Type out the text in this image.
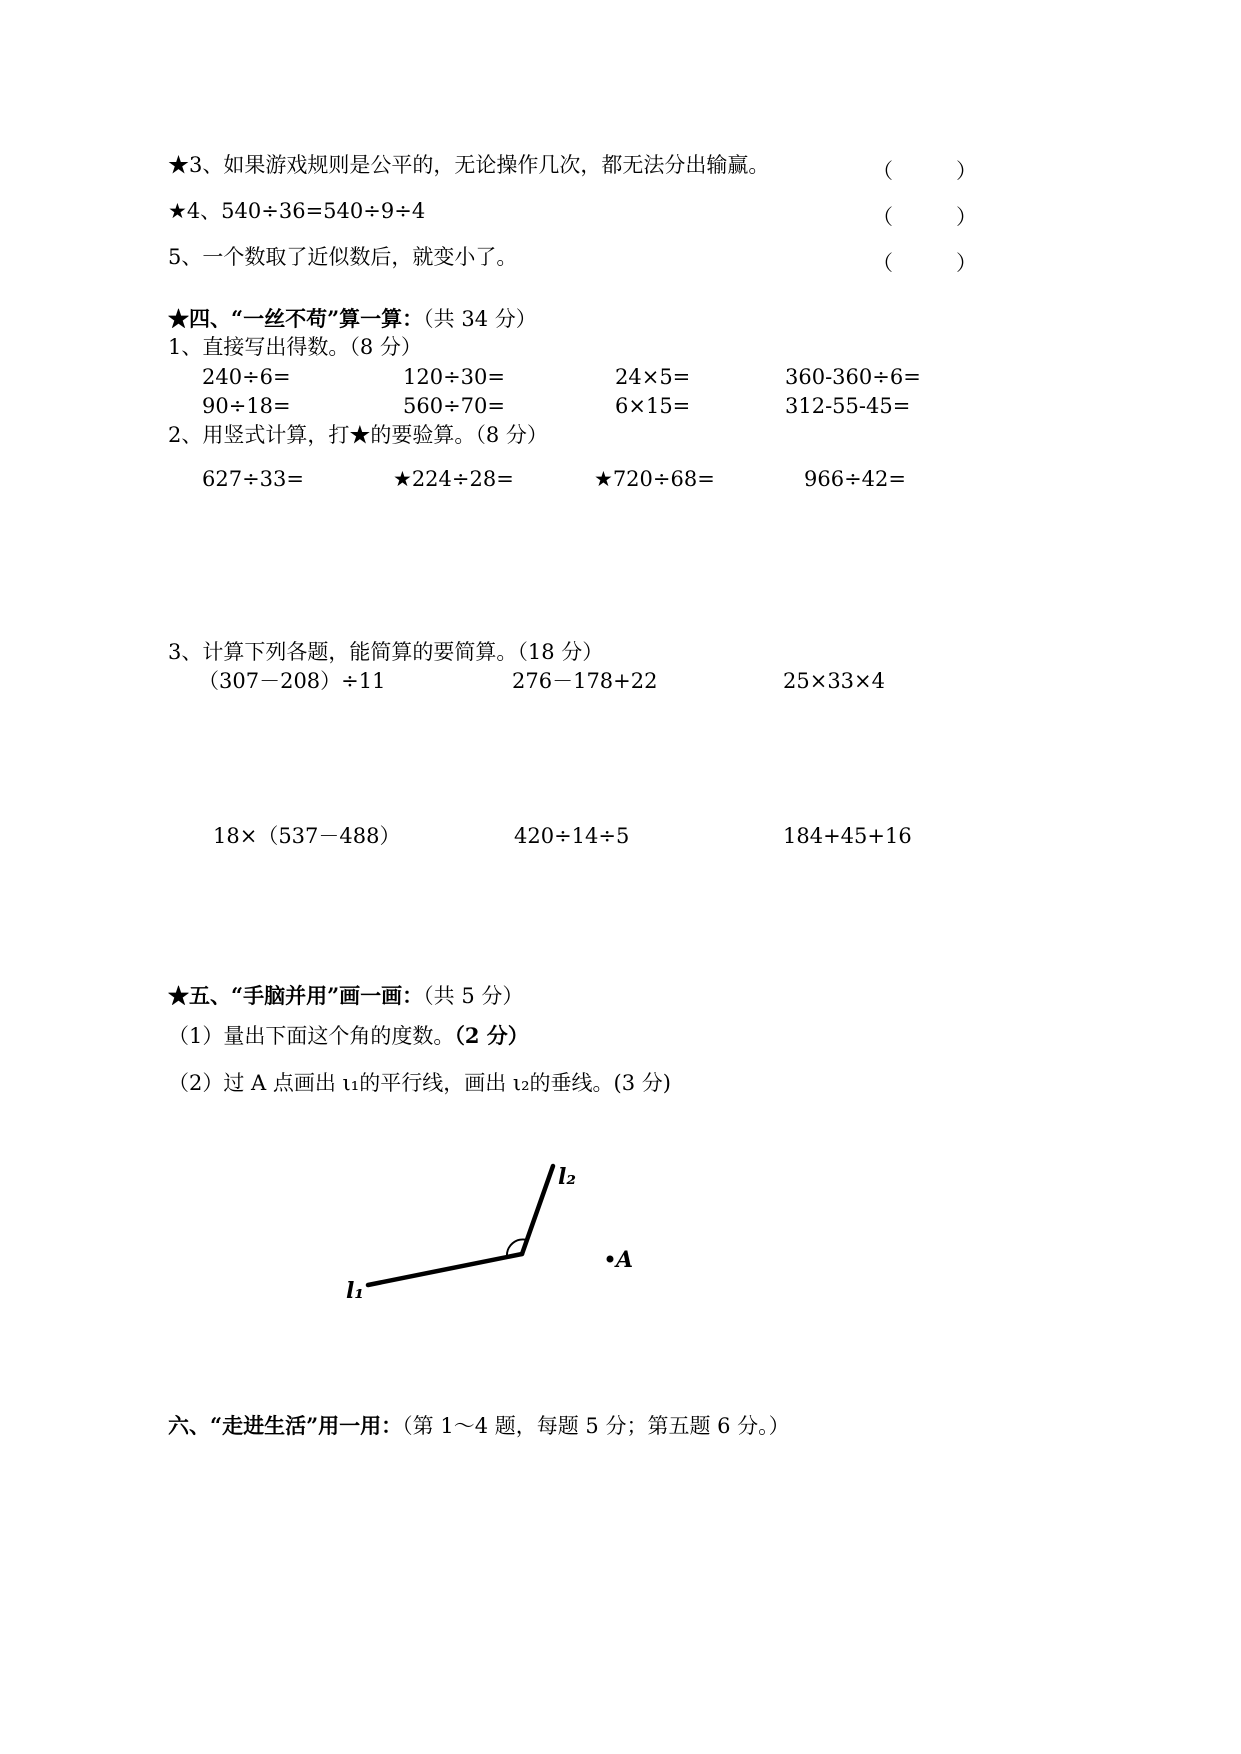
★3、如果游戏规则是公平的，无论操作几次，都无法分出输赢。	（　　　）
★4、540÷36=540÷9÷4	（　　　）
5、一个数取了近似数后，就变小了。	（　　　）
★四、“一丝不苟”算一算：（共 34 分）
1、直接写出得数。（8 分）
240÷6=	120÷30=	24×5=	360-360÷6=
90÷18=	560÷70=	6×15=	312-55-45=
2、用竖式计算，打★的要验算。（8 分）
627÷33=	★224÷28=	★720÷68=	966÷42=
3、计算下列各题，能简算的要简算。（18 分）
（307－208）÷11	276－178+22	25×33×4
18×（537－488）	420÷14÷5	184+45+16
★五、“手脑并用”画一画：（共 5 分）
（1）量出下面这个角的度数。（2 分）
（2）过 A 点画出 ι₁的平行线，画出 ι₂的垂线。(3 分)
l₁
l₂
A
六、“走进生活”用一用：（第 1～4 题，每题 5 分；第五题 6 分。）
